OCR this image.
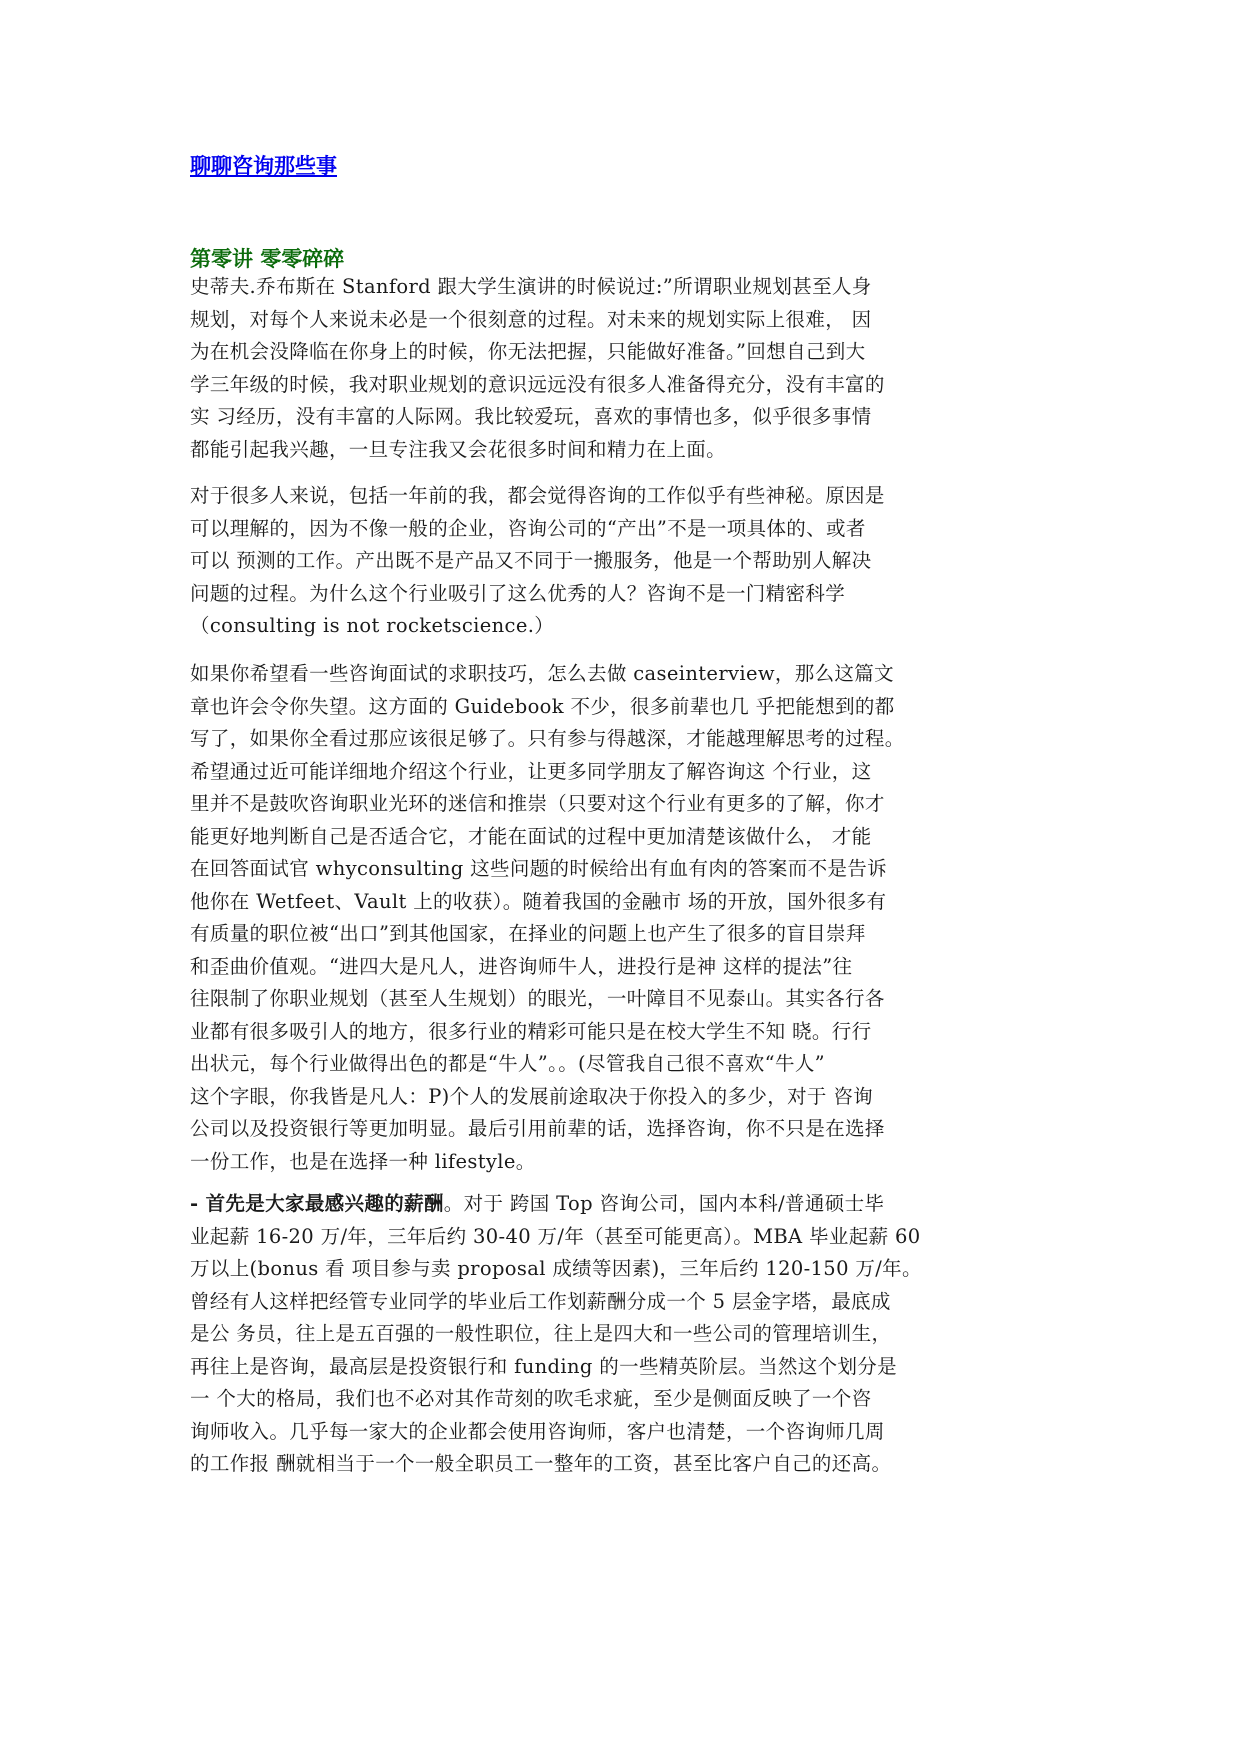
聊聊咨询那些事
第零讲 零零碎碎
史蒂夫.乔布斯在 Stanford 跟大学生演讲的时候说过:”所谓职业规划甚至人身
规划，对每个人来说未必是一个很刻意的过程。对未来的规划实际上很难， 因
为在机会没降临在你身上的时候，你无法把握，只能做好准备。”回想自己到大
学三年级的时候，我对职业规划的意识远远没有很多人准备得充分，没有丰富的
实 习经历，没有丰富的人际网。我比较爱玩，喜欢的事情也多，似乎很多事情
都能引起我兴趣，一旦专注我又会花很多时间和精力在上面。
对于很多人来说，包括一年前的我，都会觉得咨询的工作似乎有些神秘。原因是
可以理解的，因为不像一般的企业，咨询公司的“产出”不是一项具体的、或者
可以 预测的工作。产出既不是产品又不同于一搬服务，他是一个帮助别人解决
问题的过程。为什么这个行业吸引了这么优秀的人？咨询不是一门精密科学
（consulting is not rocketscience.）
如果你希望看一些咨询面试的求职技巧，怎么去做 caseinterview，那么这篇文
章也许会令你失望。这方面的 Guidebook 不少，很多前辈也几 乎把能想到的都
写了，如果你全看过那应该很足够了。只有参与得越深，才能越理解思考的过程。
希望通过近可能详细地介绍这个行业，让更多同学朋友了解咨询这 个行业，这
里并不是鼓吹咨询职业光环的迷信和推崇（只要对这个行业有更多的了解，你才
能更好地判断自己是否适合它，才能在面试的过程中更加清楚该做什么， 才能
在回答面试官 whyconsulting 这些问题的时候给出有血有肉的答案而不是告诉
他你在 Wetfeet、Vault 上的收获）。随着我国的金融市 场的开放，国外很多有
有质量的职位被“出口”到其他国家，在择业的问题上也产生了很多的盲目崇拜
和歪曲价值观。“进四大是凡人，进咨询师牛人，进投行是神 这样的提法”往
往限制了你职业规划（甚至人生规划）的眼光，一叶障目不见泰山。其实各行各
业都有很多吸引人的地方，很多行业的精彩可能只是在校大学生不知 晓。行行
出状元，每个行业做得出色的都是“牛人”。。(尽管我自己很不喜欢“牛人”
这个字眼，你我皆是凡人：P)个人的发展前途取决于你投入的多少，对于 咨询
公司以及投资银行等更加明显。最后引用前辈的话，选择咨询，你不只是在选择
一份工作，也是在选择一种 lifestyle。
- 首先是大家最感兴趣的薪酬。对于 跨国 Top 咨询公司，国内本科/普通硕士毕
业起薪 16-20 万/年，三年后约 30-40 万/年（甚至可能更高）。MBA 毕业起薪 60
万以上(bonus 看 项目参与卖 proposal 成绩等因素)，三年后约 120-150 万/年。
曾经有人这样把经管专业同学的毕业后工作划薪酬分成一个 5 层金字塔，最底成
是公 务员，往上是五百强的一般性职位，往上是四大和一些公司的管理培训生，
再往上是咨询，最高层是投资银行和 funding 的一些精英阶层。当然这个划分是
一 个大的格局，我们也不必对其作苛刻的吹毛求疵，至少是侧面反映了一个咨
询师收入。几乎每一家大的企业都会使用咨询师，客户也清楚，一个咨询师几周
的工作报 酬就相当于一个一般全职员工一整年的工资，甚至比客户自己的还高。
